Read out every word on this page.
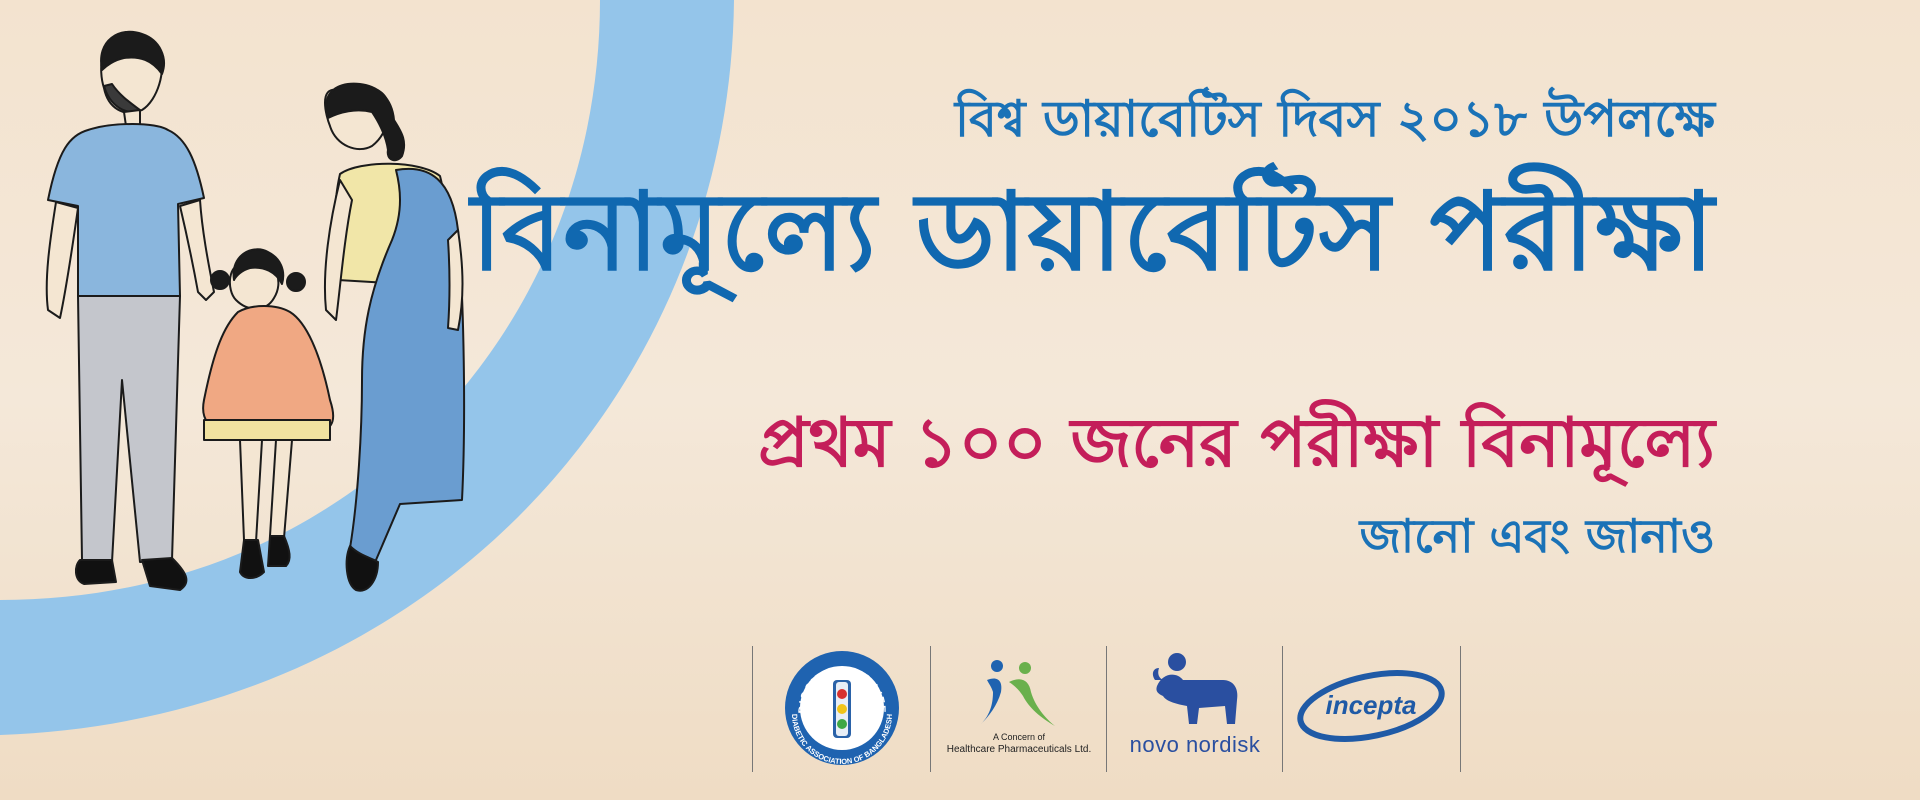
বিশ্ব ডায়াবেটিস দিবস ২০১৮ উপলক্ষে
বিনামূল্যে ডায়াবেটিস পরীক্ষা
প্রথম ১০০ জনের পরীক্ষা বিনামূল্যে
জানো এবং জানাও
DISCIPLINE IS LIFE
DIABETIC ASSOCIATION OF BANGLADESH
A Concern of
Healthcare Pharmaceuticals Ltd.	novo nordisk
incepta
